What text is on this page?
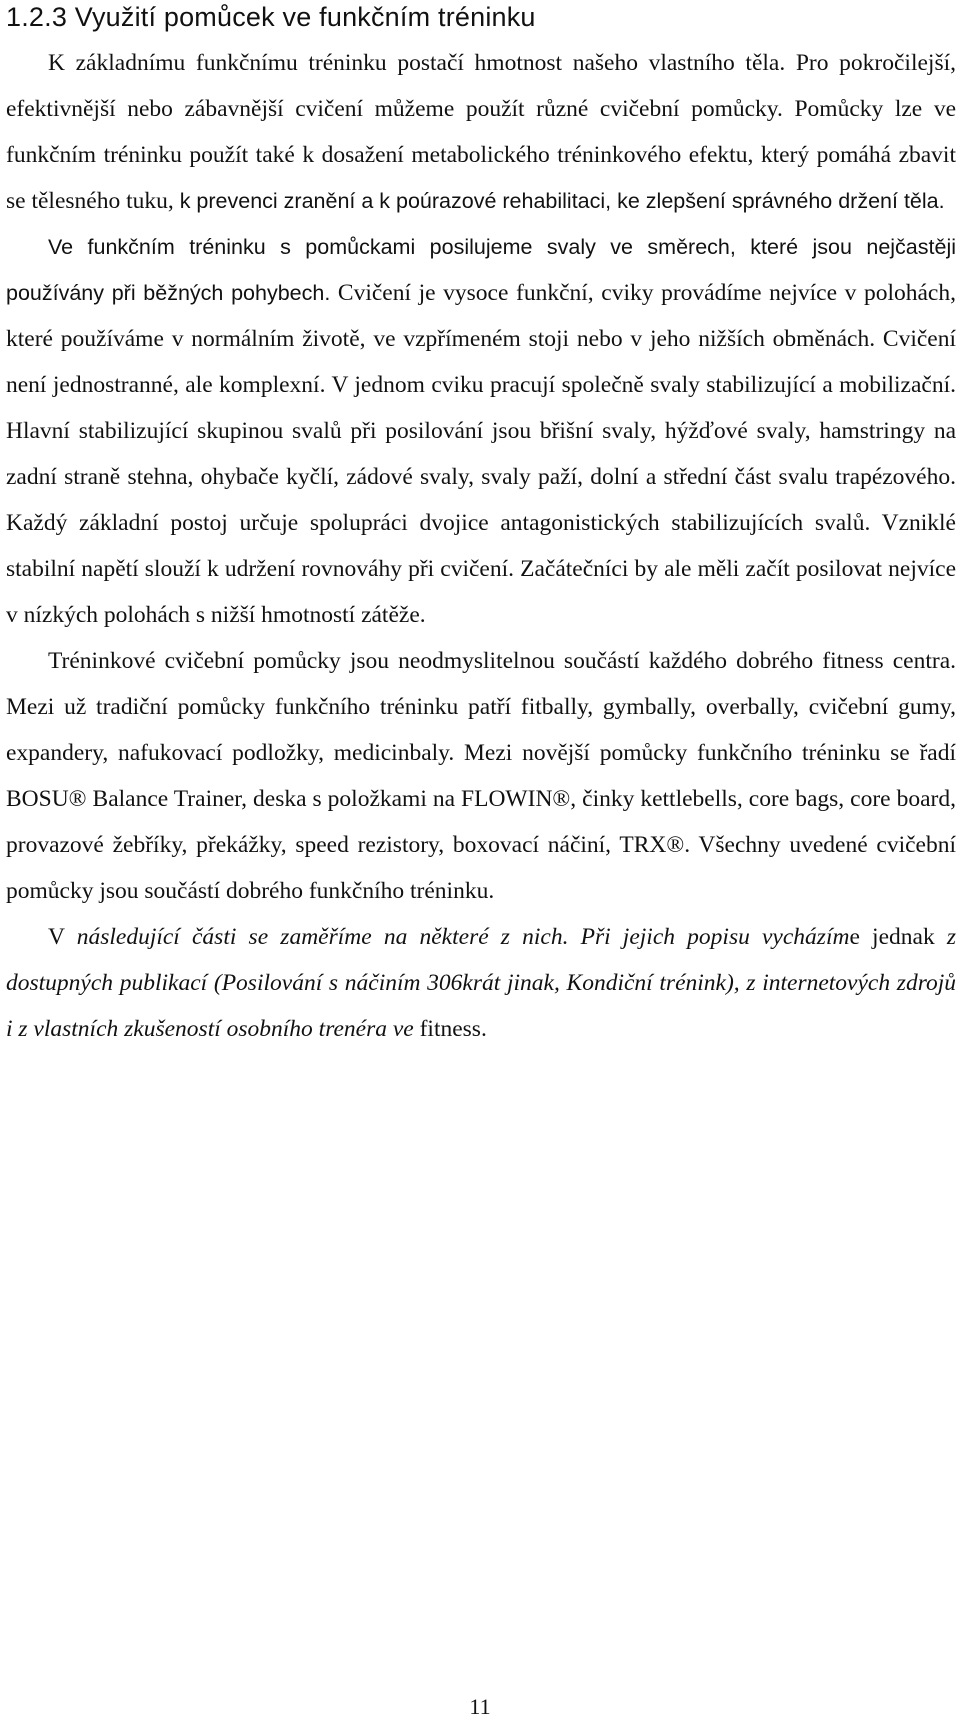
1.2.3 Využití pomůcek ve funkčním tréninku

K základnímu funkčnímu tréninku postačí hmotnost našeho vlastního těla. Pro pokročilejší, efektivnější nebo zábavnější cvičení můžeme použít různé cvičební pomůcky. Pomůcky lze ve funkčním tréninku použít také k dosažení metabolického tréninkového efektu, který pomáhá zbavit se tělesného tuku, k prevenci zranění a k poúrazové rehabilitaci, ke zlepšení správného držení těla.

Ve funkčním tréninku s pomůckami posilujeme svaly ve směrech, které jsou nejčastěji používány při běžných pohybech. Cvičení je vysoce funkční, cviky provádíme nejvíce v polohách, které používáme v normálním životě, ve vzpřímeném stoji nebo v jeho nižších obměnách. Cvičení není jednostranné, ale komplexní. V jednom cviku pracují společně svaly stabilizující a mobilizační. Hlavní stabilizující skupinou svalů při posilování jsou břišní svaly, hýžďové svaly, hamstringy na zadní straně stehna, ohybače kyčlí, zádové svaly, svaly paží, dolní a střední část svalu trapézového. Každý základní postoj určuje spolupráci dvojice antagonistických stabilizujících svalů. Vzniklé stabilní napětí slouží k udržení rovnováhy při cvičení. Začátečníci by ale měli začít posilovat nejvíce v nízkých polohách s nižší hmotností zátěže.

Tréninkové cvičební pomůcky jsou neodmyslitelnou součástí každého dobrého fitness centra. Mezi už tradiční pomůcky funkčního tréninku patří fitbally, gymbally, overbally, cvičební gumy, expandery, nafukovací podložky, medicinbaly. Mezi novější pomůcky funkčního tréninku se řadí BOSU® Balance Trainer, deska s položkami na FLOWIN®, činky kettlebells, core bags, core board, provazové žebříky, překážky, speed rezistory, boxovací náčiní, TRX®. Všechny uvedené cvičební pomůcky jsou součástí dobrého funkčního tréninku.

V následující části se zaměříme na některé z nich. Při jejich popisu vycházíme jednak z dostupných publikací (Posilování s náčiním 306krát jinak, Kondiční trénink), z internetových zdrojů i z vlastních zkušeností osobního trenéra ve fitness.

11
